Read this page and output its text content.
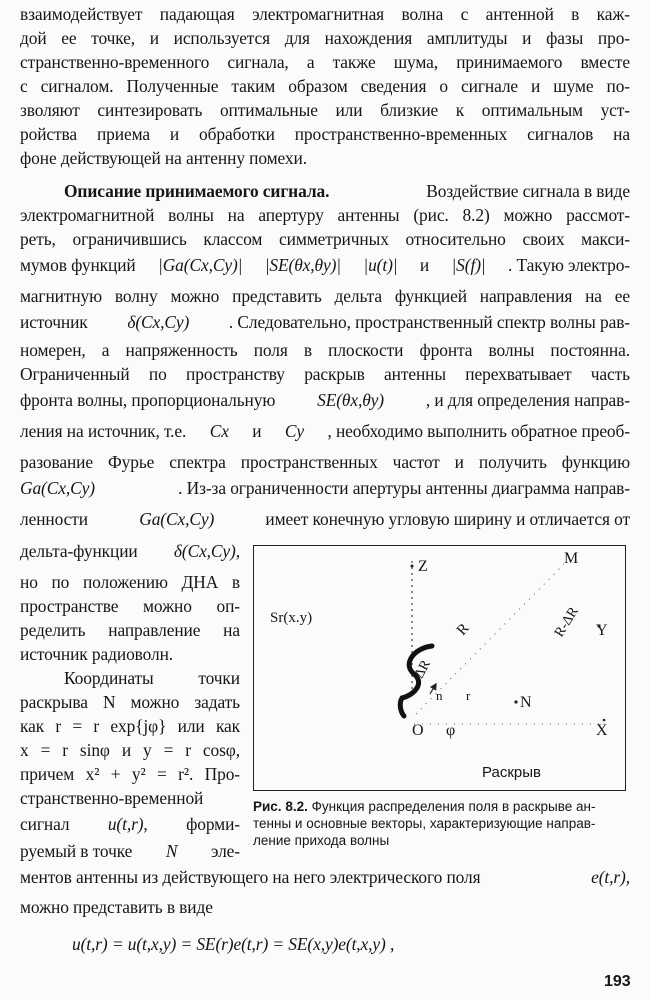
взаимодействует падающая электромагнитная волна с антенной в каж-
дой ее точке, и используется для нахождения амплитуды и фазы про-
странственно-временного сигнала, а также шума, принимаемого вместе
с сигналом. Полученные таким образом сведения о сигнале и шуме по-
зволяют синтезировать оптимальные или близкие к оптимальным уст-
ройства приема и обработки пространственно-временных сигналов на
фоне действующей на антенну помехи.
Описание принимаемого сигнала.	Воздействие сигнала в виде
электромагнитной волны на апертуру антенны (рис. 8.2) можно рассмот-
реть, ограничившись классом симметричных относительно своих макси-
мумов функций |Gа(Cx,Cy)| |SE(θx,θy)| |u(t)| и |S(f)| . Такую электро-
магнитную волну можно представить дельта функцией направления на ее
источник δ(Cx,Cy) . Следовательно, пространственный спектр волны рав-
номерен, а напряженность поля в плоскости фронта волны постоянна.
Ограниченный по пространству раскрыв антенны перехватывает часть
фронта волны, пропорциональную SE(θx,θy) , и для определения направ-
ления на источник, т.е. Cx и Cy , необходимо выполнить обратное преоб-
разование Фурье спектра пространственных частот и получить функцию
Gа(Cx,Cy)	. Из-за ограниченности апертуры антенны диаграмма направ-
ленности	Gа(Cx,Cy)	имеет конечную угловую ширину и отличается от
дельта-функции δ(Cx,Cy),
но по положению ДНА в
пространстве можно оп-
ределить направление на
источник радиоволн.
Координаты точки
раскрыва N можно задать
как r = r exp{jφ} или как
x = r sinφ и y = r cosφ,
причем x² + y² = r². Про-
странственно-временной
сигнал u(t,r), форми-
руемый в точке N эле-
ментов антенны из действующего на него электрического поля	e(t,r),
можно представить в виде
u(t,r) = u(t,x,y) = SE(r)e(t,r) = SE(x,y)e(t,x,y) ,
Z	M
Sr(x.y)
R	R-ΔR Y
ΔR
n r	N
O φ	X
Раскрыв
Рис. 8.2. Функция распределения поля в раскрыве ан- тенны и основные векторы, характеризующие направ- ление прихода волны
193
